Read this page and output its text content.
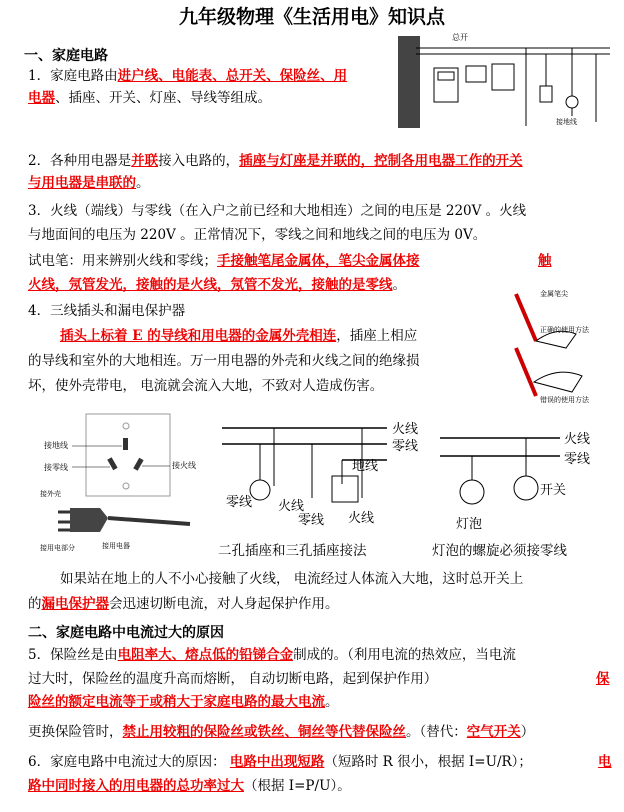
九年级物理《生活用电》知识点
一、家庭电路
1．家庭电路由进户线、电能表、总开关、保险丝、用
电器、插座、开关、灯座、导线等组成。
总开
接地线
2．各种用电器是并联接入电路的，插座与灯座是并联的，控制各用电器工作的开关
与用电器是串联的。
3．火线（端线）与零线（在入户之前已经和大地相连）之间的电压是 220V 。火线
与地面间的电压为 220V 。正常情况下，零线之间和地线之间的电压为 0V。
试电笔：用来辨别火线和零线；手接触笔尾金属体，笔尖金属体接	触
火线，氖管发光，接触的是火线，氖管不发光，接触的是零线。
4．三线插头和漏电保护器
插头上标着 E 的导线和用电器的金属外壳相连，插座上相应
的导线和室外的大地相连。万一用电器的外壳和火线之间的绝缘损
坏，使外壳带电， 电流就会流入大地，不致对人造成伤害。
金属笔尖
正确的使用方法
错误的使用方法
接地线
接零线	接火线
接外壳
接用电部分	接用电器
火线
零线
地线
零线 火线
零线 火线
火线
零线
开关
灯泡
二孔插座和三孔插座接法	灯泡的螺旋必须接零线
如果站在地上的人不小心接触了火线， 电流经过人体流入大地，这时总开关上
的漏电保护器会迅速切断电流，对人身起保护作用。
二、家庭电路中电流过大的原因
5．保险丝是由电阻率大、熔点低的铅锑合金制成的。（利用电流的热效应，当电流
过大时，保险丝的温度升高而熔断， 自动切断电路，起到保护作用）	保
险丝的额定电流等于或稍大于家庭电路的最大电流。
更换保险管时，禁止用较粗的保险丝或铁丝、铜丝等代替保险丝。（替代：空气开关）
6．家庭电路中电流过大的原因： 电路中出现短路（短路时 R 很小，根据 I=U/R）；	电
路中同时接入的用电器的总功率过大（根据 I=P/U）。
